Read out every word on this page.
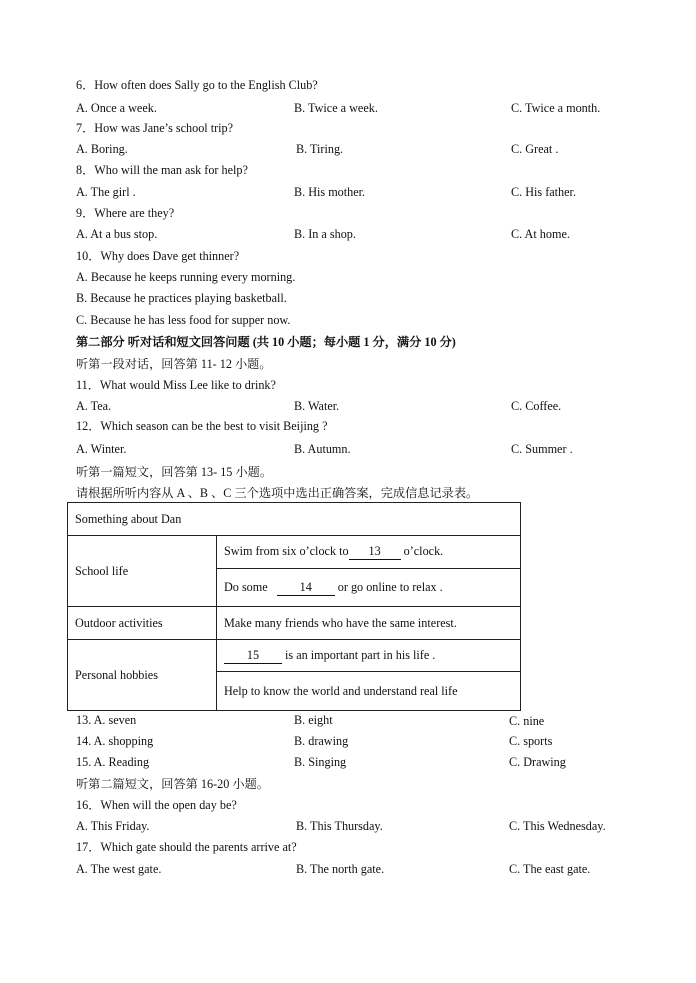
6．How often does Sally go to the English Club?
A. Once a week.	B. Twice a week.	C. Twice a month.
7．How was Jane’s school trip?
A. Boring.	B. Tiring.	C. Great .
8．Who will the man ask for help?
A. The girl .	B. His mother.	C. His father.
9．Where are they?
A. At a bus stop.	B. In a shop.	C. At home.
10．Why does Dave get thinner?
A. Because he keeps running every morning.
B. Because he practices playing basketball.
C. Because he has less food for supper now.
第二部分 听对话和短文回答问题 (共 10 小题；每小题 1 分，满分 10 分)
听第一段对话，回答第 11- 12 小题。
11．What would Miss Lee like to drink?
A. Tea.	B. Water.	C. Coffee.
12．Which season can be the best to visit Beijing ?
A. Winter.	B. Autumn.	C. Summer .
听第一篇短文，回答第 13- 15 小题。
请根据所听内容从 A 、B 、C 三个选项中选出正确答案，完成信息记录表。
Something about Dan	
School life	Swim from six o’clock to 13 o’clock.
	Do some 14 or go online to relax .
Outdoor activities	Make many friends who have the same interest.
Personal hobbies	15 is an important part in his life .
	Help to know the world and understand real life
13. A. seven	B. eight	C. nine
14. A. shopping	B. drawing	C. sports
15. A. Reading	B. Singing	C. Drawing
听第二篇短文，回答第 16-20 小题。
16．When will the open day be?
A. This Friday.	B. This Thursday.	C. This Wednesday.
17．Which gate should the parents arrive at?
A. The west gate.	B. The north gate.	C. The east gate.
